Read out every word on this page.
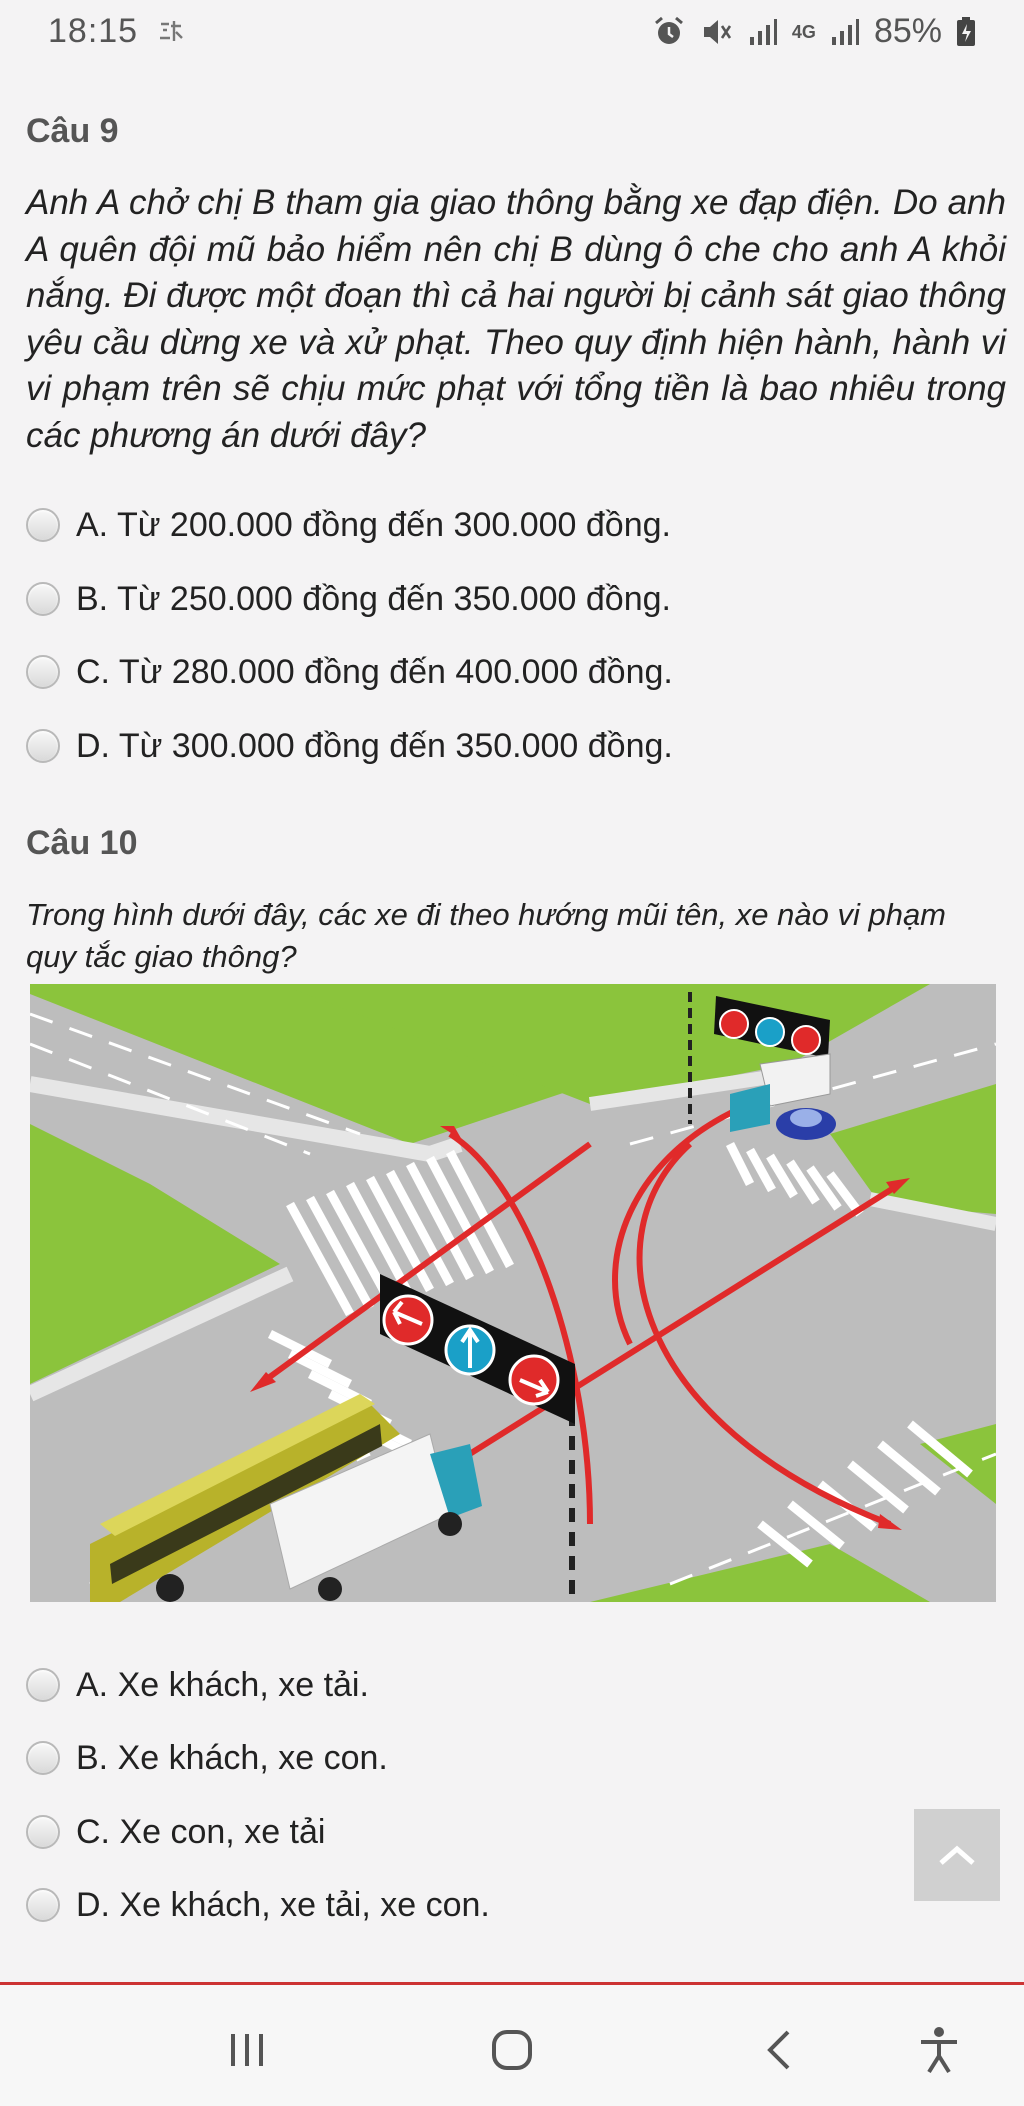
18:15	4G 85%
Câu 9
Anh A chở chị B tham gia giao thông bằng xe đạp điện. Do anh A quên đội mũ bảo hiểm nên chị B dùng ô che cho anh A khỏi nắng. Đi được một đoạn thì cả hai người bị cảnh sát giao thông yêu cầu dừng xe và xử phạt. Theo quy định hiện hành, hành vi vi phạm trên sẽ chịu mức phạt với tổng tiền là bao nhiêu trong các phương án dưới đây?
A. Từ 200.000 đồng đến 300.000 đồng.
B. Từ 250.000 đồng đến 350.000 đồng.
C. Từ 280.000 đồng đến 400.000 đồng.
D. Từ 300.000 đồng đến 350.000 đồng.
Câu 10
Trong hình dưới đây, các xe đi theo hướng mũi tên, xe nào vi phạm quy tắc giao thông?
A. Xe khách, xe tải.
B. Xe khách, xe con.
C. Xe con, xe tải
D. Xe khách, xe tải, xe con.
